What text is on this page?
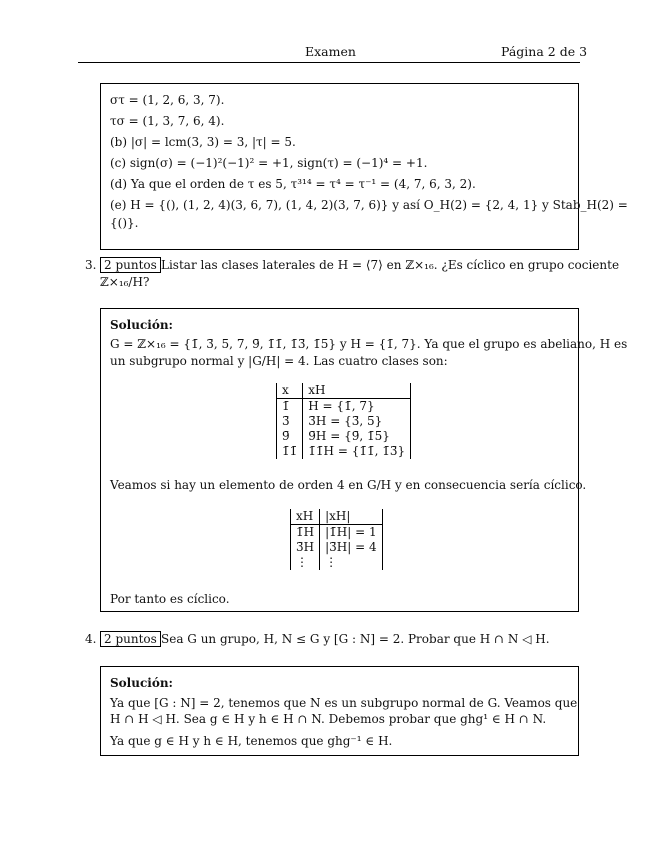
Examen	Página 2 de 3
στ = (1, 2, 6, 3, 7).
τσ = (1, 3, 7, 6, 4).
(b) |σ| = lcm(3, 3) = 3, |τ| = 5.
(c) sign(σ) = (−1)²(−1)² = +1, sign(τ) = (−1)⁴ = +1.
(d) Ya que el orden de τ es 5, τ³¹⁴ = τ⁴ = τ⁻¹ = (4, 7, 6, 3, 2).
(e) H = {(), (1, 2, 4)(3, 6, 7), (1, 4, 2)(3, 7, 6)} y así O_H(2) = {2, 4, 1} y Stab_H(2) =
{()}.
3. 2 puntos Listar las clases laterales de H = ⟨7̄⟩ en ℤ×₁₆. ¿Es cíclico en grupo cociente
ℤ×₁₆/H?
Solución:
G = ℤ×₁₆ = {1̄, 3̄, 5̄, 7̄, 9̄, 1̄1̄, 1̄3̄, 1̄5̄} y H = {1̄, 7̄}. Ya que el grupo es abeliano, H es
un subgrupo normal y |G/H| = 4. Las cuatro clases son:
x	xH
1̄	H = {1̄, 7̄}
3̄	3̄H = {3̄, 5̄}
9̄	9̄H = {9̄, 1̄5̄}
1̄1̄	1̄1̄H = {1̄1̄, 1̄3̄}
Veamos si hay un elemento de orden 4 en G/H y en consecuencia sería cíclico.
xH	|xH|
1̄H	|1̄H| = 1
3̄H	|3̄H| = 4
⋮	⋮
Por tanto es cíclico.
4. 2 puntos Sea G un grupo, H, N ≤ G y [G : N] = 2. Probar que H ∩ N ◁ H.
Solución:
Ya que [G : N] = 2, tenemos que N es un subgrupo normal de G. Veamos que
H ∩ H ◁ H. Sea g ∈ H y h ∈ H ∩ N. Debemos probar que ghg¹ ∈ H ∩ N.
Ya que g ∈ H y h ∈ H, tenemos que ghg⁻¹ ∈ H.
